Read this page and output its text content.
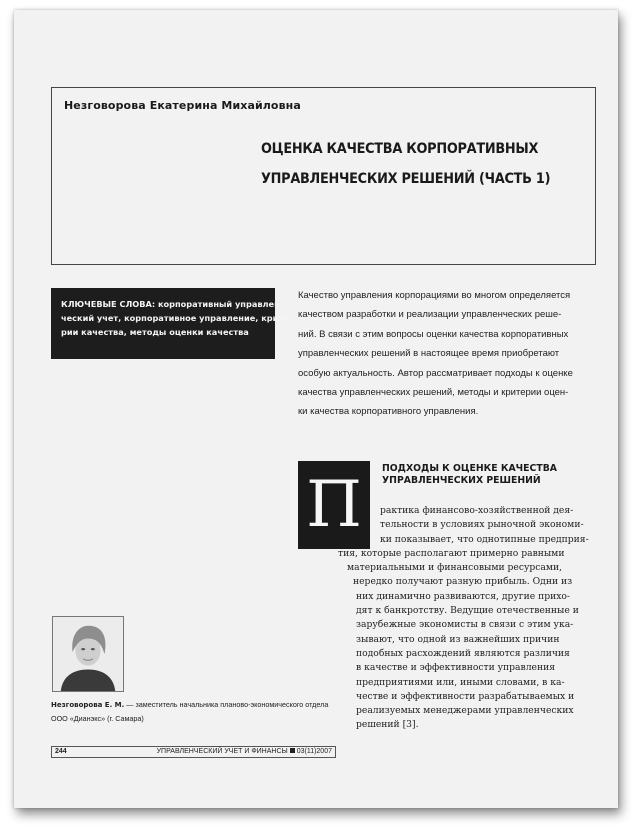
Незговорова Екатерина Михайловна
ОЦЕНКА КАЧЕСТВА КОРПОРАТИВНЫХ
УПРАВЛЕНЧЕСКИХ РЕШЕНИЙ (ЧАСТЬ 1)
КЛЮЧЕВЫЕ СЛОВА: корпоративный управлен-
ческий учет, корпоративное управление, крите-
рии качества, методы оценки качества
Качество управления корпорациями во многом определяется
качеством разработки и реализации управленческих реше-
ний. В связи с этим вопросы оценки качества корпоративных
управленческих решений в настоящее время приобретают
особую актуальность. Автор рассматривает подходы к оценке
качества управленческих решений, методы и критерии оцен-
ки качества корпоративного управления.
П	ПОДХОДЫ К ОЦЕНКЕ КАЧЕСТВА
УПРАВЛЕНЧЕСКИХ РЕШЕНИЙ
рактика финансово-хозяйственной дея-
тельности в условиях рыночной экономи-
ки показывает, что однотипные предприя-
тия, которые располагают примерно равными
материальными и финансовыми ресурсами,
нередко получают разную прибыль. Одни из
них динамично развиваются, другие прихо-
дят к банкротству. Ведущие отечественные и
зарубежные экономисты в связи с этим ука-
зывают, что одной из важнейших причин
подобных расхождений являются различия
в качестве и эффективности управления
предприятиями или, иными словами, в ка-
честве и эффективности разрабатываемых и
реализуемых менеджерами управленческих
решений [3].
Незговорова Е. М. — заместитель начальника планово-экономического отдела
ООО «Дианэкс» (г. Самара)
244	УПРАВЛЕНЧЕСКИЙ УЧЕТ И ФИНАНСЫ 03(11)2007
